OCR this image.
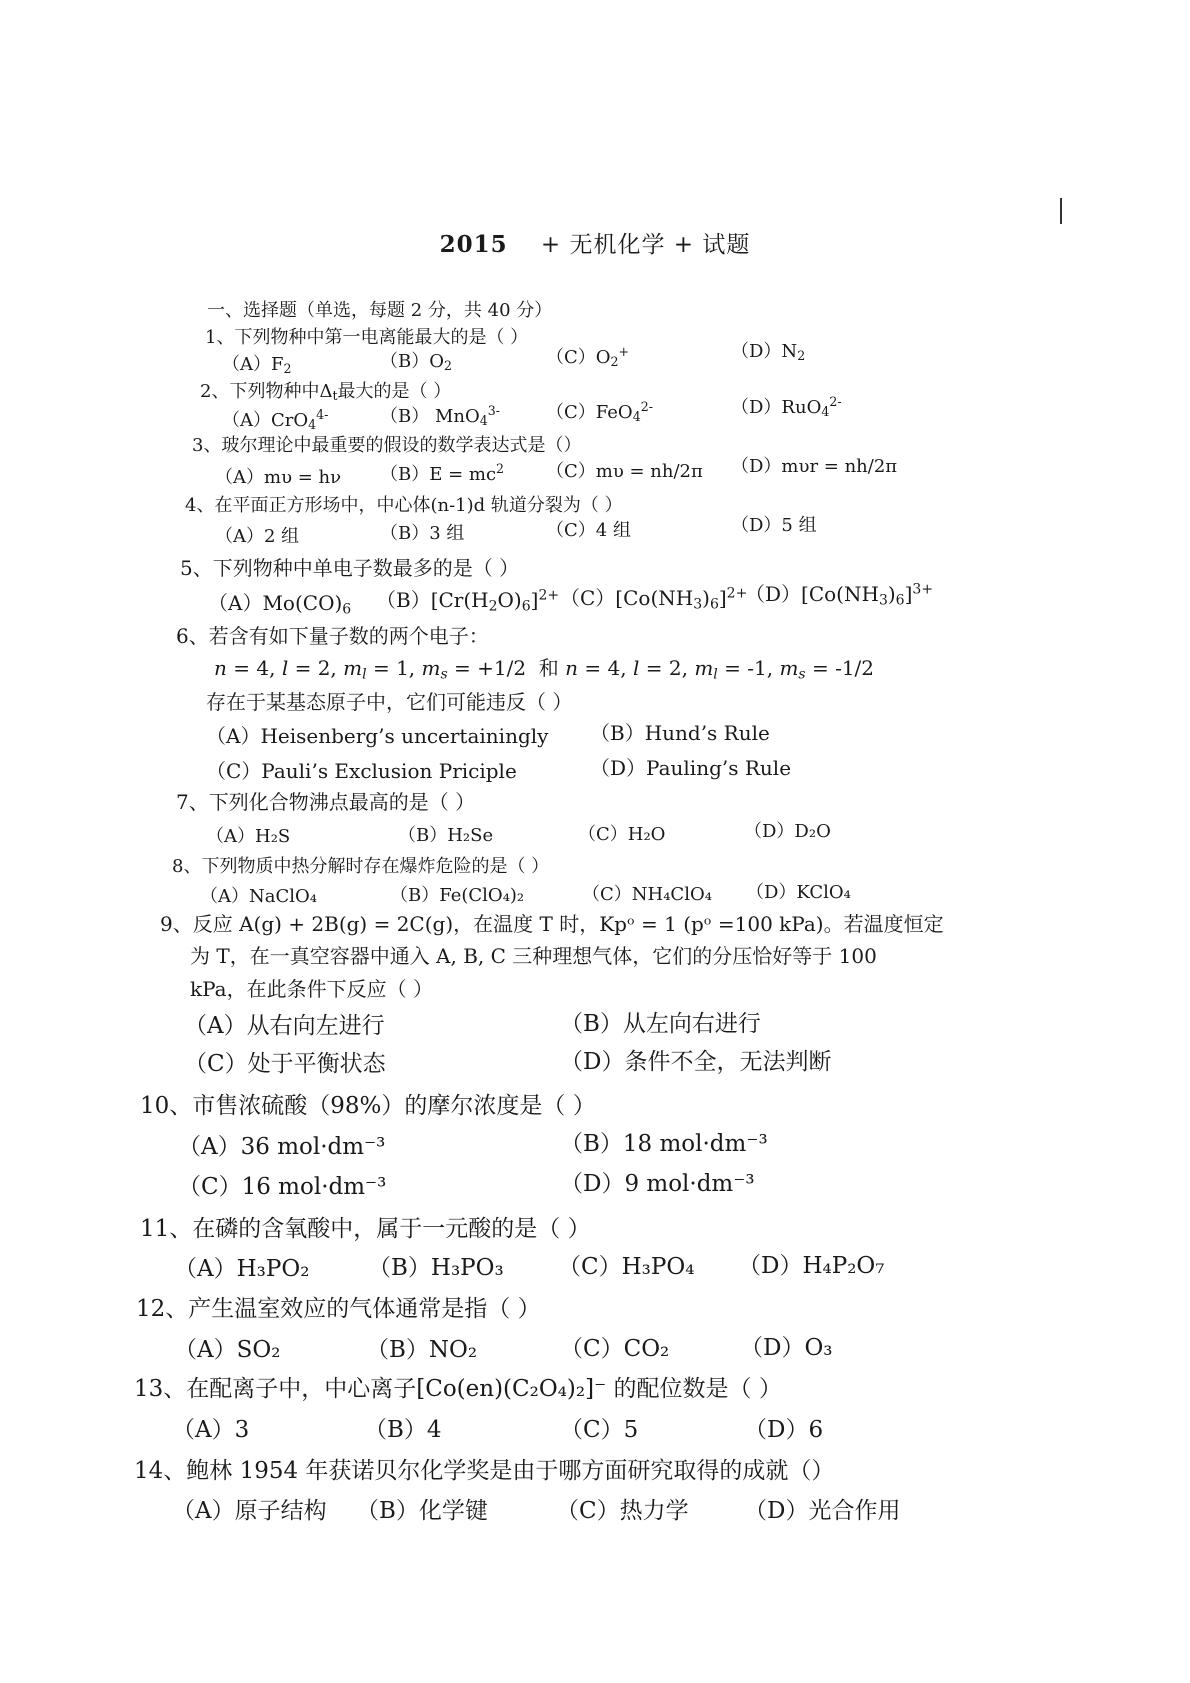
2015 + 无机化学 + 试题
一、选择题（单选，每题 2 分，共 40 分）
1、下列物种中第一电离能最大的是（ ）
$(A)F_2$	$(B)O_2$	$(C)O_2^+$	$(D)N_2$
2、下列物种中$\Delta_t$最大的是（ ）
（A）CrO$_4^{4-}$	（B） MnO$_4^{3-}$	（C）FeO$_4^{2-}$	（D）RuO$_4^{2-}$
3、玻尔理论中最重要的假设的数学表达式是（）
（A）mυ = hν $(B)E = mc^2$ （C）mυ = nh/2π （D）mυr = nh/2π
4、在平面正方形场中，中心体(n-1)d 轨道分裂为（ ）
（A）2 组	（B）3 组	（C）4 组	（D）5 组
5、下列物种中单电子数最多的是（ ）
$(A)Mo(CO)_6$ $(B)[Cr(H_2O)_6]^{2+}$ $(C)[Co(NH_3)_6]^{2+}$
$(D)[Co(NH_3)_6]^{3+}$
6、若含有如下量子数的两个电子：
n = 4, l = 2, $m_l = 1$, $m_s = +1/2$  和 n = 4, l = 2, $m_l = -1$, $m_s = -1/2$
存在于某基态原子中，它们可能违反（ ）
（A）Heisenberg’s uncertainingly （B）Hund’s Rule
（C）Pauli’s Exclusion Priciple	（D）Pauling’s Rule
7、下列化合物沸点最高的是（ ）
（A）H₂S	（B）H₂Se	（C）H₂O	（D）D₂O
8、下列物质中热分解时存在爆炸危险的是（ ）
（A）NaClO₄	（B）Fe(ClO₄)₂	（C）NH₄ClO₄ （D）KClO₄
9、反应 A(g) + 2B(g) = 2C(g)，在温度 T 时，Kpᵒ = 1 (pᵒ =100 kPa)。若温度恒定
为 T，在一真空容器中通入 A, B, C 三种理想气体，它们的分压恰好等于 100
kPa，在此条件下反应（ ）
（A）从右向左进行	（B）从左向右进行
（C）处于平衡状态	（D）条件不全，无法判断
10、市售浓硫酸（98%）的摩尔浓度是（ ）
（A）36 mol·dm⁻³	（B）18 mol·dm⁻³
（C）16 mol·dm⁻³	（D）9 mol·dm⁻³
11、在磷的含氧酸中，属于一元酸的是（ ）
（A）H₃PO₂	（B）H₃PO₃ （C）H₃PO₄ （D）H₄P₂O₇
12、产生温室效应的气体通常是指（ ）
（A）SO₂	（B）NO₂	（C）CO₂	（D）O₃
13、在配离子中，中心离子[Co(en)(C₂O₄)₂]⁻ 的配位数是（ ）
（A）3	（B）4	（C）5	（D）6
14、鲍林 1954 年获诺贝尔化学奖是由于哪方面研究取得的成就（）
（A）原子结构 （B）化学键	（C）热力学 （D）光合作用
